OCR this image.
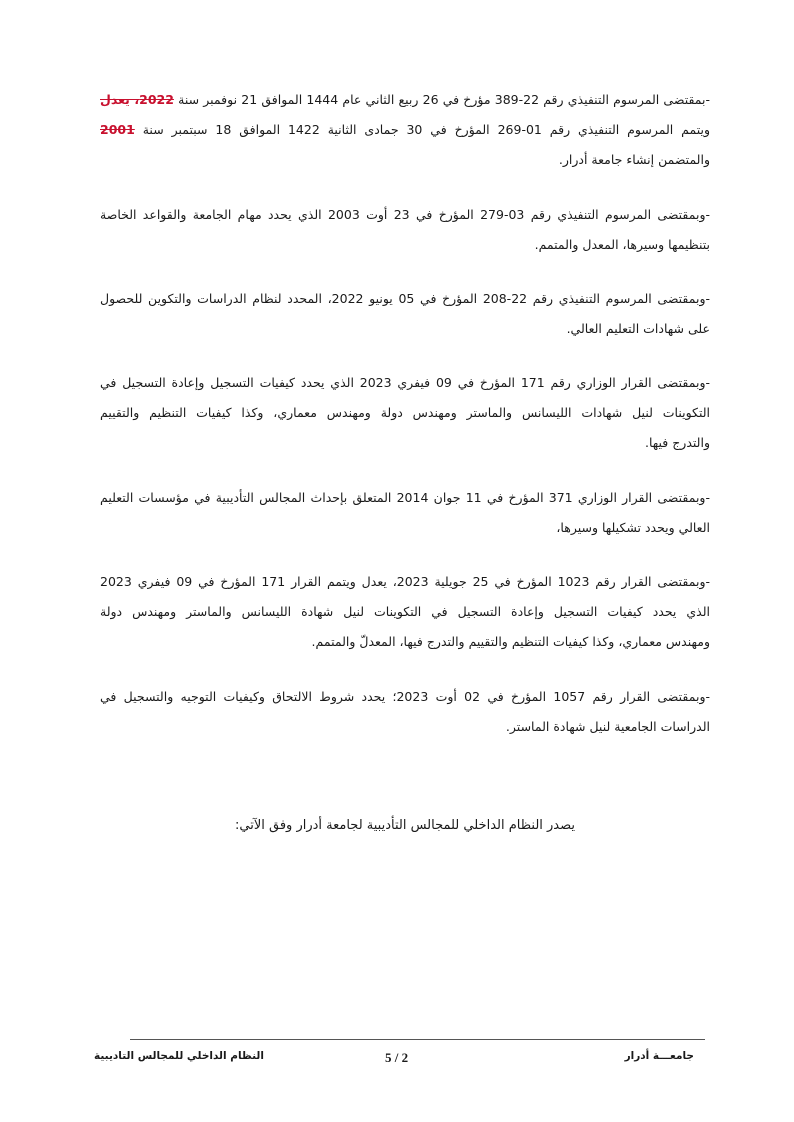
-بمقتضى المرسوم التنفيذي رقم 22-389 مؤرخ في 26 ربيع الثاني عام 1444 الموافق 21 نوفمبر سنة 2022، يعدل
ويتمم المرسوم التنفيذي رقم 01-269 المؤرخ في 30 جمادى الثانية 1422 الموافق 18 سبتمبر سنة 2001
والمتضمن إنشاء جامعة أدرار.
-وبمقتضى المرسوم التنفيذي رقم 03-279 المؤرخ في 23 أوت 2003 الذي يحدد مهام الجامعة والقواعد الخاصة
بتنظيمها وسيرها، المعدل والمتمم.
-وبمقتضى المرسوم التنفيذي رقم 22-208 المؤرخ في 05 يونيو 2022، المحدد لنظام الدراسات والتكوين للحصول
على شهادات التعليم العالي.
-وبمقتضى القرار الوزاري رقم 171 المؤرخ في 09 فيفري 2023 الذي يحدد كيفيات التسجيل وإعادة التسجيل في
التكوينات لنيل شهادات الليسانس والماستر ومهندس دولة ومهندس معماري، وكذا كيفيات التنظيم والتقييم
والتدرج فيها.
-وبمقتضى القرار الوزاري 371 المؤرخ في 11 جوان 2014 المتعلق بإحداث المجالس التأديبية في مؤسسات التعليم
العالي ويحدد تشكيلها وسيرها،
-وبمقتضى القرار رقم 1023 المؤرخ في 25 جويلية 2023، يعدل ويتمم القرار 171 المؤرخ في 09 فيفري 2023
الذي يحدد كيفيات التسجيل وإعادة التسجيل في التكوينات لنيل شهادة الليسانس والماستر ومهندس دولة
ومهندس معماري، وكذا كيفيات التنظيم والتقييم والتدرج فيها، المعدلّ والمتمم.
-وبمقتضى القرار رقم 1057 المؤرخ في 02 أوت 2023؛ يحدد شروط الالتحاق وكيفيات التوجيه والتسجيل في
الدراسات الجامعية لنيل شهادة الماستر.
يصدر النظام الداخلي للمجالس التأديبية لجامعة أدرار وفق الآتي:
جامعـــة أدرار
5 / 2
النظام الداخلي للمجالس التاديبية
